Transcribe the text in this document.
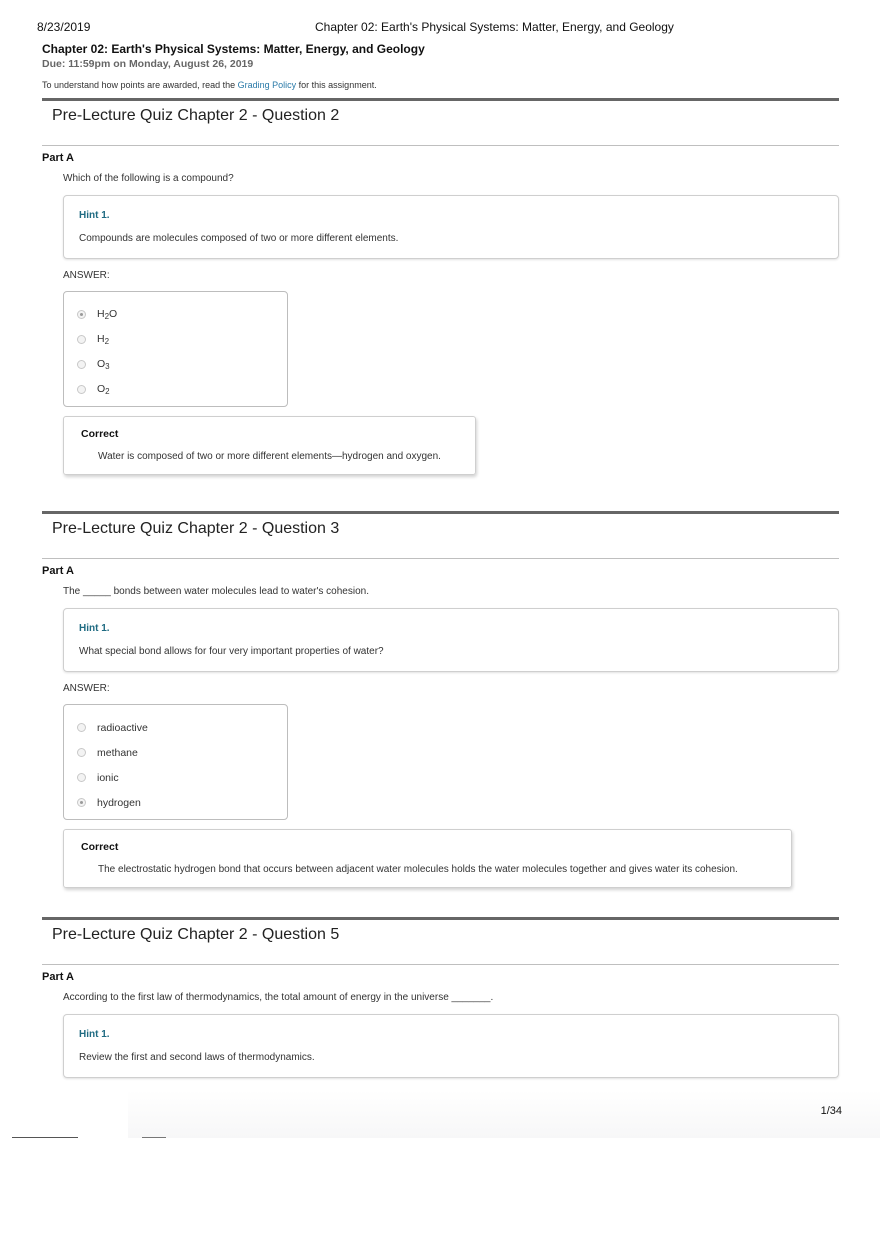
8/23/2019	Chapter 02: Earth's Physical Systems: Matter, Energy, and Geology
Chapter 02: Earth's Physical Systems: Matter, Energy, and Geology
Due: 11:59pm on Monday, August 26, 2019
To understand how points are awarded, read the Grading Policy for this assignment.
Pre-Lecture Quiz Chapter 2 - Question 2
Part A
Which of the following is a compound?
Hint 1.
Compounds are molecules composed of two or more different elements.
ANSWER:
$H_2O$
$H_2$
$O_3$
$O_2$
Correct
Water is composed of two or more different elements—hydrogen and oxygen.
Pre-Lecture Quiz Chapter 2 - Question 3
Part A
The _____ bonds between water molecules lead to water's cohesion.
Hint 1.
What special bond allows for four very important properties of water?
ANSWER:
radioactive
methane
ionic
hydrogen
Correct
The electrostatic hydrogen bond that occurs between adjacent water molecules holds the water molecules together and gives water its cohesion.
Pre-Lecture Quiz Chapter 2 - Question 5
Part A
According to the first law of thermodynamics, the total amount of energy in the universe _______.
Hint 1.
Review the first and second laws of thermodynamics.
1/34
